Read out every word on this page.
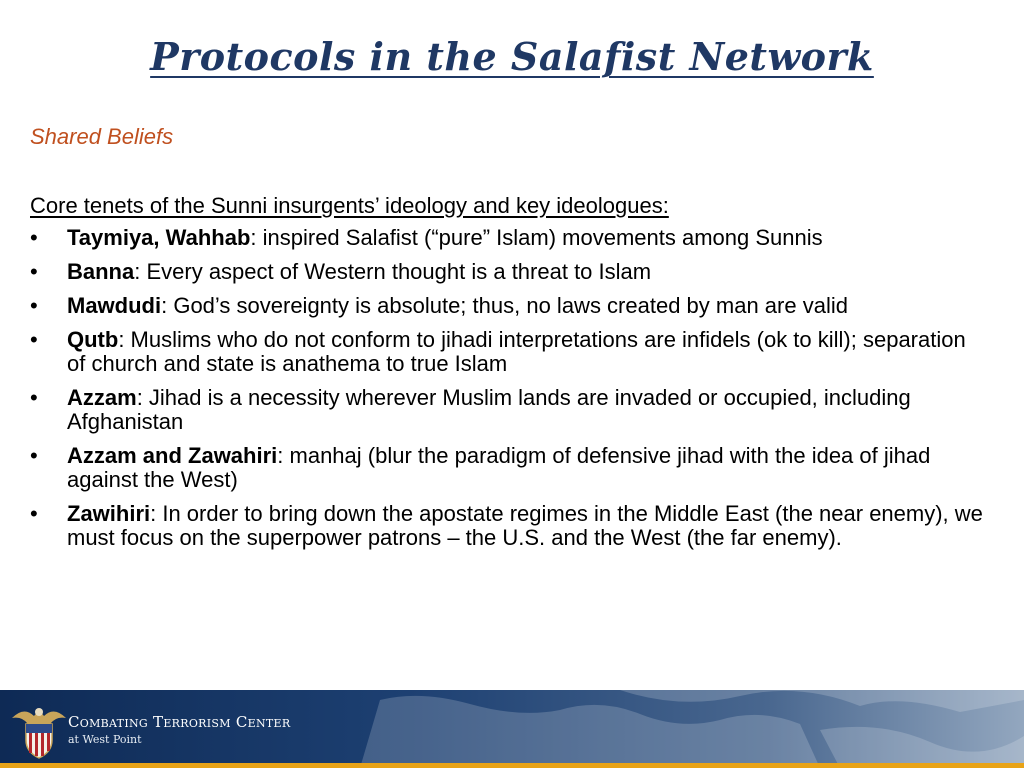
Protocols in the Salafist Network
Shared Beliefs
Core tenets of the Sunni insurgents’ ideology and key ideologues:
• Taymiya, Wahhab: inspired Salafist (“pure” Islam) movements among Sunnis
• Banna: Every aspect of Western thought is a threat to Islam
• Mawdudi: God’s sovereignty is absolute; thus, no laws created by man are valid
• Qutb: Muslims who do not conform to jihadi interpretations are infidels (ok to kill); separation of church and state is anathema to true Islam
• Azzam: Jihad is a necessity wherever Muslim lands are invaded or occupied, including Afghanistan
• Azzam and Zawahiri: manhaj (blur the paradigm of defensive jihad with the idea of jihad against the West)
• Zawihiri: In order to bring down the apostate regimes in the Middle East (the near enemy), we must focus on the superpower patrons – the U.S. and the West (the far enemy).
Combating Terrorism Center
at West Point
